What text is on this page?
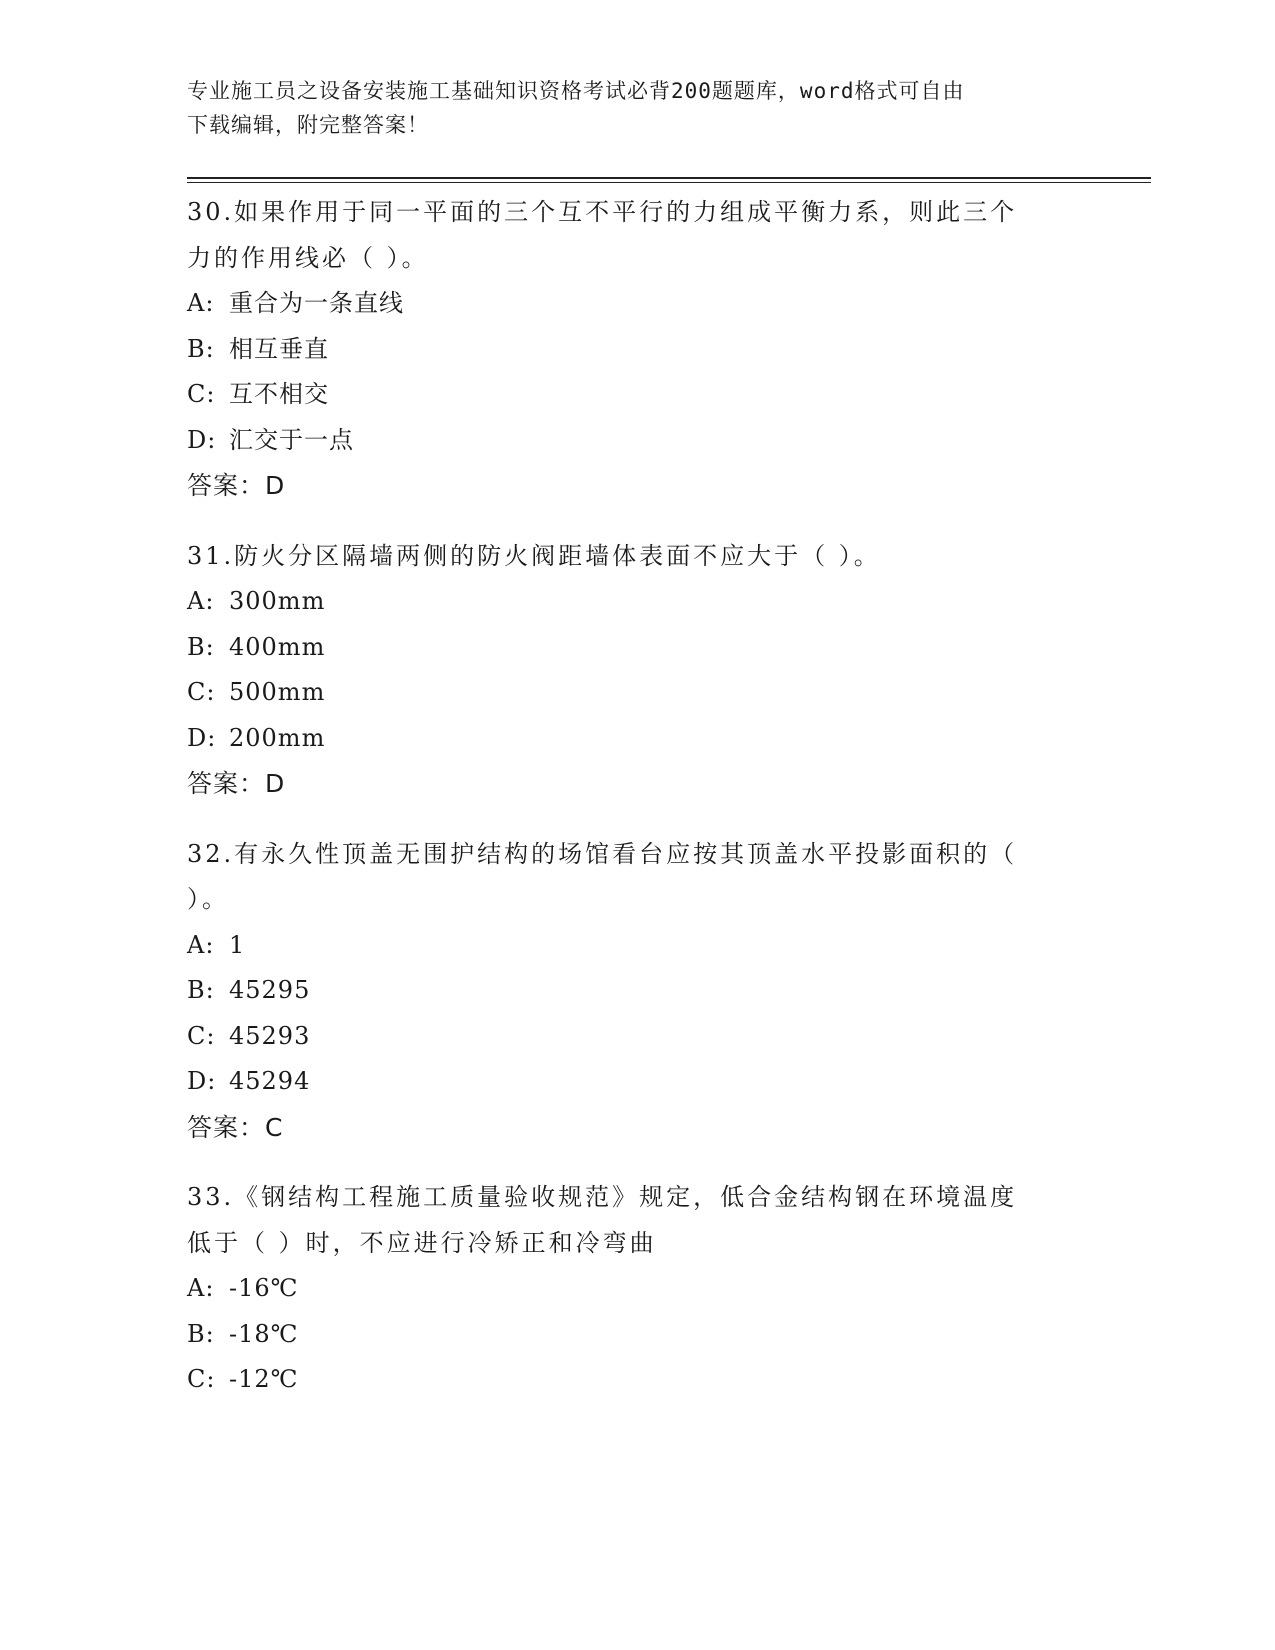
专业施工员之设备安装施工基础知识资格考试必背200题题库，word格式可自由
下载编辑，附完整答案！

30.如果作用于同一平面的三个互不平行的力组成平衡力系，则此三个

力的作用线必（ ）。

A: 重合为一条直线

B: 相互垂直

C: 互不相交

D: 汇交于一点

答案：D

31.防火分区隔墙两侧的防火阀距墙体表面不应大于（ ）。

A: 300mm

B: 400mm

C: 500mm

D: 200mm

答案：D

32.有永久性顶盖无围护结构的场馆看台应按其顶盖水平投影面积的（

）。

A: 1

B: 45295

C: 45293

D: 45294

答案：C

33.《钢结构工程施工质量验收规范》规定，低合金结构钢在环境温度

低于（ ）时，不应进行冷矫正和冷弯曲

A: -16℃

B: -18℃

C: -12℃
